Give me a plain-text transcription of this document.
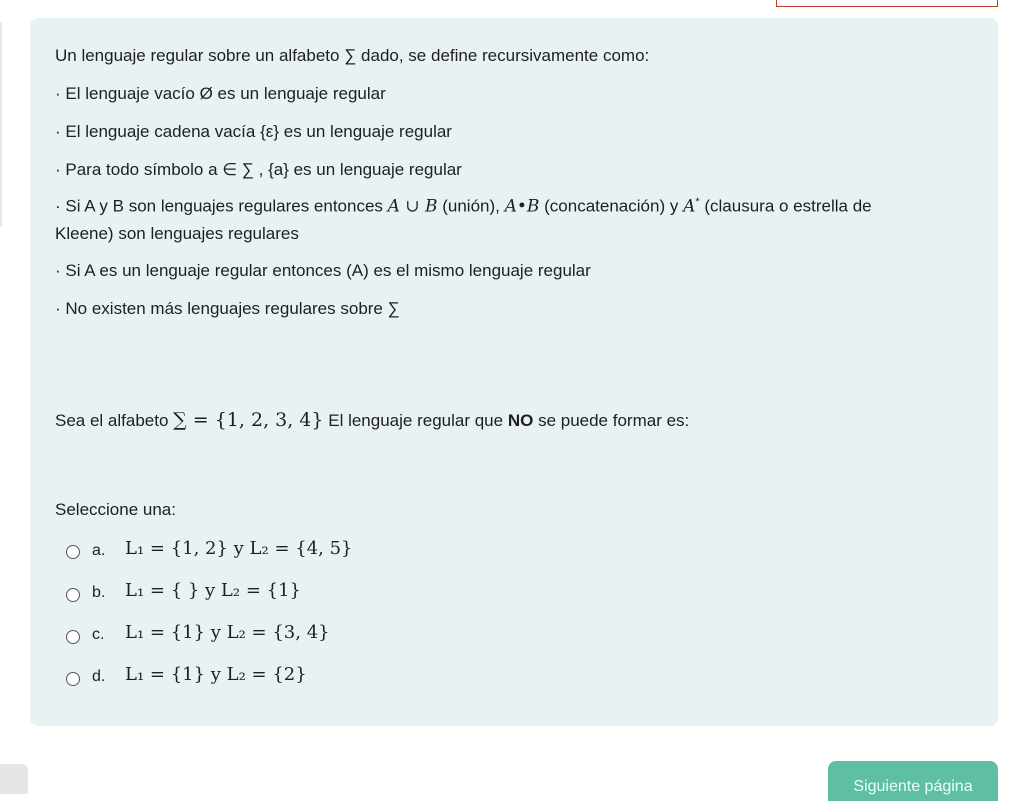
Un lenguaje regular sobre un alfabeto ∑ dado, se define recursivamente como:
· El lenguaje vacío Ø es un lenguaje regular
· El lenguaje cadena vacía {ε} es un lenguaje regular
· Para todo símbolo a ∈ ∑ , {a} es un lenguaje regular
· Si A y B son lenguajes regulares entonces A ∪ B (unión), A•B (concatenación) y A* (clausura o estrella de
Kleene) son lenguajes regulares
· Si A es un lenguaje regular entonces (A) es el mismo lenguaje regular
· No existen más lenguajes regulares sobre ∑
Sea el alfabeto ∑ = {1, 2, 3, 4} El lenguaje regular que NO se puede formar es:
Seleccione una:
a. L₁ = {1, 2} y L₂ = {4, 5}
b. L₁ = { } y L₂ = {1}
c. L₁ = {1} y L₂ = {3, 4}
d. L₁ = {1} y L₂ = {2}
Siguiente página
